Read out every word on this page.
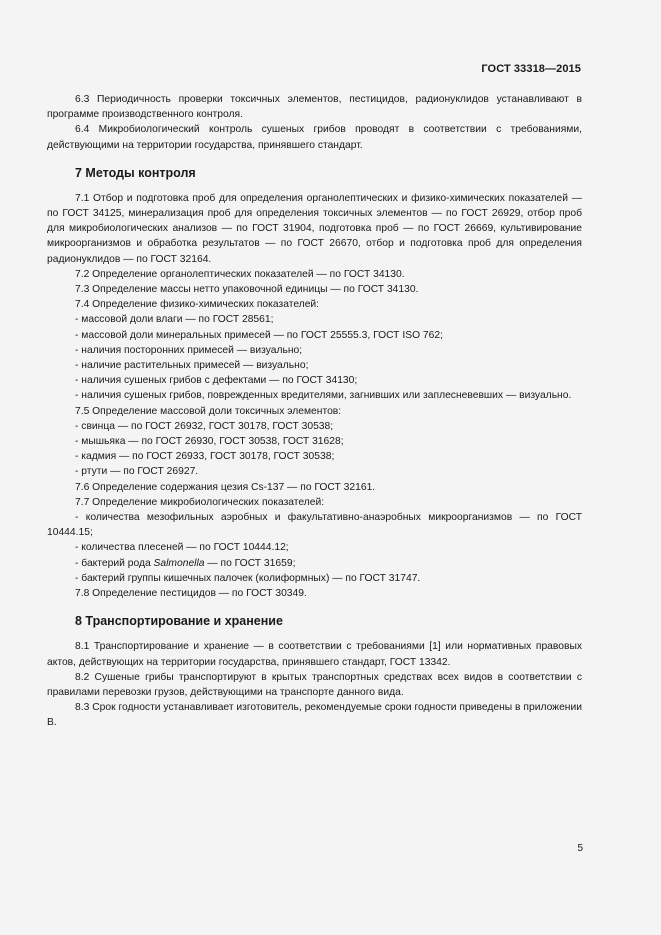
ГОСТ 33318—2015

6.3 Периодичность проверки токсичных элементов, пестицидов, радионуклидов устанавливают в программе производственного контроля.

6.4 Микробиологический контроль сушеных грибов проводят в соответствии с требованиями, действующими на территории государства, принявшего стандарт.

7 Методы контроля

7.1 Отбор и подготовка проб для определения органолептических и физико-химических показателей — по ГОСТ 34125, минерализация проб для определения токсичных элементов — по ГОСТ 26929, отбор проб для микробиологических анализов — по ГОСТ 31904, подготовка проб — по ГОСТ 26669, культивирование микроорганизмов и обработка результатов — по ГОСТ 26670, отбор и подготовка проб для определения радионуклидов — по ГОСТ 32164.

7.2 Определение органолептических показателей — по ГОСТ 34130.

7.3 Определение массы нетто упаковочной единицы — по ГОСТ 34130.

7.4 Определение физико-химических показателей:

- массовой доли влаги — по ГОСТ 28561;

- массовой доли минеральных примесей — по ГОСТ 25555.3, ГОСТ ISO 762;

- наличия посторонних примесей — визуально;

- наличие растительных примесей — визуально;

- наличия сушеных грибов с дефектами — по ГОСТ 34130;

- наличия сушеных грибов, поврежденных вредителями, загнивших или заплесневевших — визуально.

7.5 Определение массовой доли токсичных элементов:

- свинца — по ГОСТ 26932, ГОСТ 30178, ГОСТ 30538;

- мышьяка — по ГОСТ 26930, ГОСТ 30538, ГОСТ 31628;

- кадмия — по ГОСТ 26933, ГОСТ 30178, ГОСТ 30538;

- ртути — по ГОСТ 26927.

7.6 Определение содержания цезия Cs-137 — по ГОСТ 32161.

7.7 Определение микробиологических показателей:

- количества мезофильных аэробных и факультативно-анаэробных микроорганизмов — по ГОСТ 10444.15;

- количества плесеней — по ГОСТ 10444.12;

- бактерий рода Salmonella — по ГОСТ 31659;

- бактерий группы кишечных палочек (колиформных) — по ГОСТ 31747.

7.8 Определение пестицидов — по ГОСТ 30349.

8 Транспортирование и хранение

8.1 Транспортирование и хранение — в соответствии с требованиями [1] или нормативных правовых актов, действующих на территории государства, принявшего стандарт, ГОСТ 13342.

8.2 Сушеные грибы транспортируют в крытых транспортных средствах всех видов в соответствии с правилами перевозки грузов, действующими на транспорте данного вида.

8.3 Срок годности устанавливает изготовитель, рекомендуемые сроки годности приведены в приложении В.

5
